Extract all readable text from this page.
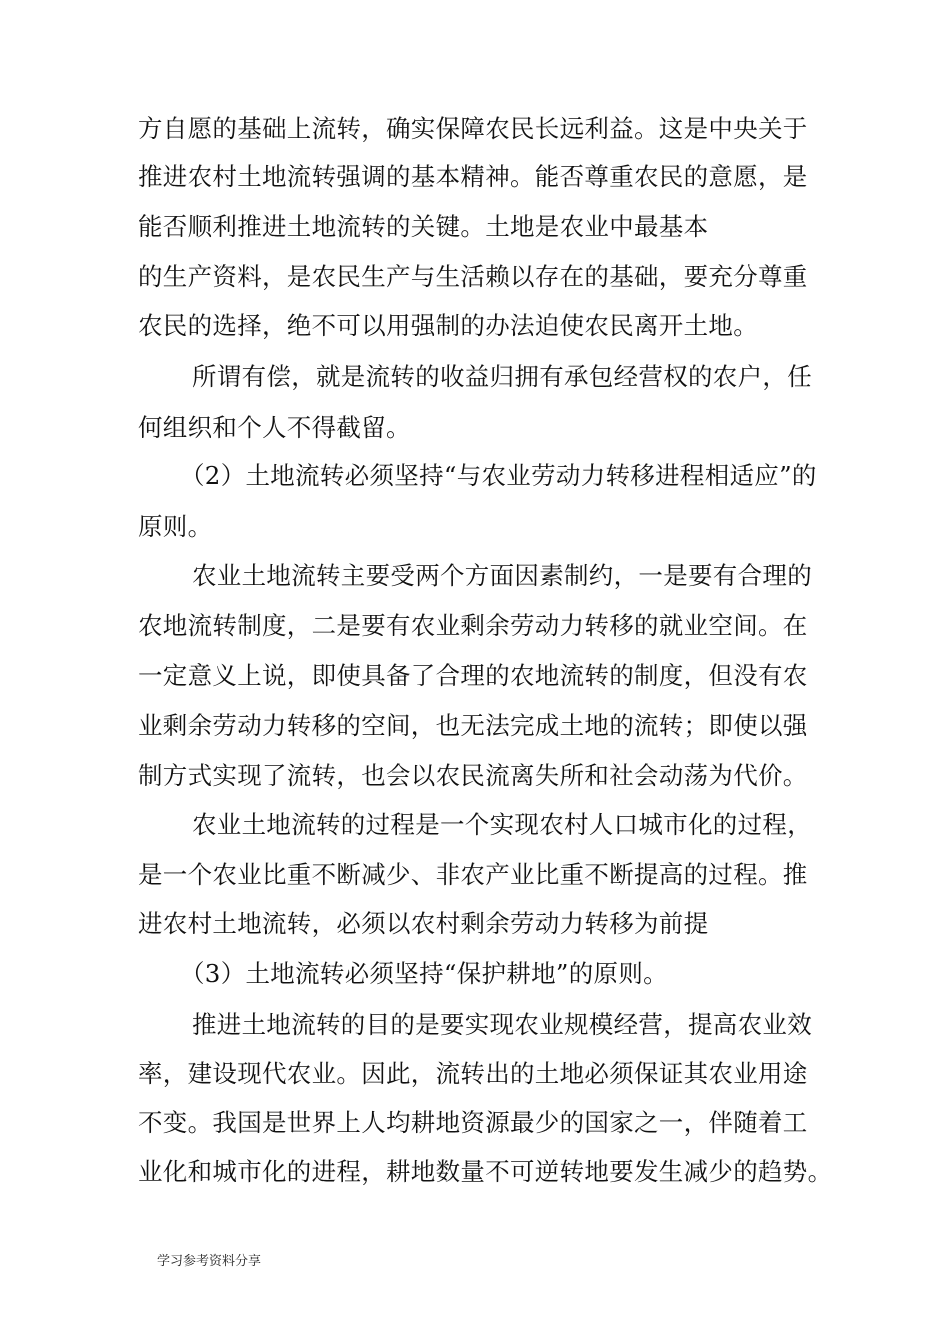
方自愿的基础上流转，确实保障农民长远利益。这是中央关于
推进农村土地流转强调的基本精神。能否尊重农民的意愿，是
能否顺利推进土地流转的关键。土地是农业中最基本
的生产资料，是农民生产与生活赖以存在的基础，要充分尊重
农民的选择，绝不可以用强制的办法迫使农民离开土地。
所谓有偿，就是流转的收益归拥有承包经营权的农户，任
何组织和个人不得截留。
（2）土地流转必须坚持“与农业劳动力转移进程相适应”的
原则。
农业土地流转主要受两个方面因素制约，一是要有合理的
农地流转制度，二是要有农业剩余劳动力转移的就业空间。在
一定意义上说，即使具备了合理的农地流转的制度，但没有农
业剩余劳动力转移的空间，也无法完成土地的流转；即使以强
制方式实现了流转，也会以农民流离失所和社会动荡为代价。
农业土地流转的过程是一个实现农村人口城市化的过程，
是一个农业比重不断减少、非农产业比重不断提高的过程。推
进农村土地流转，必须以农村剩余劳动力转移为前提
（3）土地流转必须坚持“保护耕地”的原则。
推进土地流转的目的是要实现农业规模经营，提高农业效
率，建设现代农业。因此，流转出的土地必须保证其农业用途
不变。我国是世界上人均耕地资源最少的国家之一，伴随着工
业化和城市化的进程，耕地数量不可逆转地要发生减少的趋势。
学习参考资料分享
